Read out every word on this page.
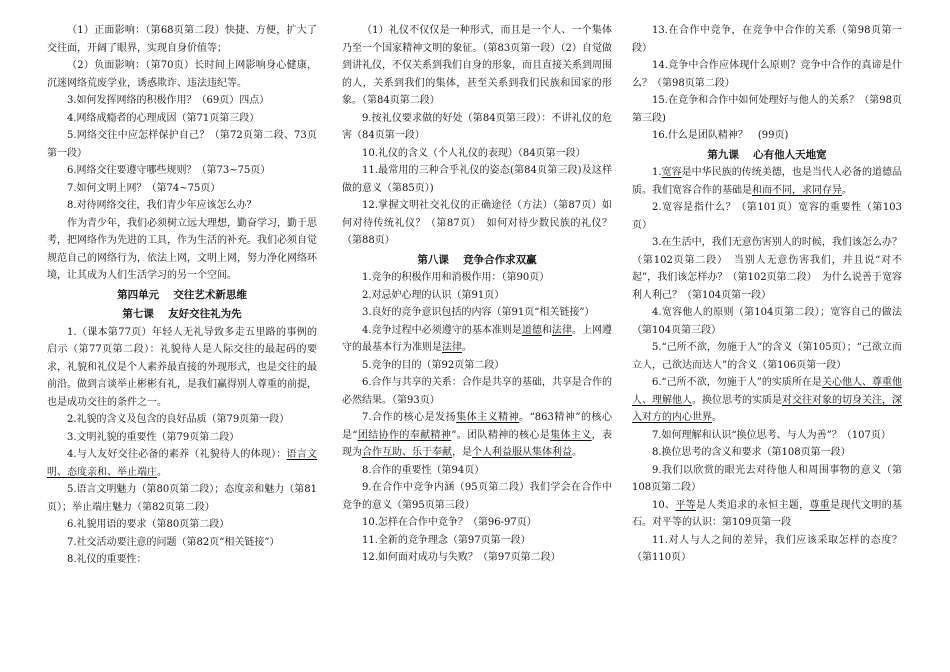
（1）正面影响：（第68页第二段）快捷、方便，扩大了交往面，开阔了眼界，实现自身价值等；

（2）负面影响：（第70页）长时间上网影响身心健康，沉迷网络荒废学业，诱惑欺诈、违法违纪等。

3.如何发挥网络的积极作用？（69页）四点）

4.网络成瘾者的心理成因（第71页第三段）

5.网络交往中应怎样保护自己？（第72页第二段、73页第一段）

6.网络交往要遵守哪些规则？（第73~75页）

7.如何文明上网？（第74~75页）

8.对待网络交往，我们青少年应该怎么办？

作为青少年，我们必须树立远大理想，勤奋学习，勤于思考，把网络作为先进的工具，作为生活的补充。我们必须自觉规范自己的网络行为，依法上网，文明上网，努力净化网络环境，让其成为人们生活学习的另一个空间。

第四单元　 交往艺术新思维

第七课　 友好交往礼为先

1.（课本第77页）年轻人无礼导致多走五里路的事例的启示（第77页第二段）：礼貌待人是人际交往的最起码的要求，礼貌和礼仪是个人素养最直接的外现形式，也是交往的最前沿。做到言谈举止彬彬有礼，是我们赢得别人尊重的前提，也是成功交往的条件之一。

2.礼貌的含义及包含的良好品质（第79页第一段）

3.文明礼貌的重要性（第79页第二段）

4.与人友好交往必备的素养（礼貌待人的体现）：语言文明、态度亲和、举止端庄。

5.语言文明魅力（第80页第二段）；态度亲和魅力（第81页）；举止端庄魅力（第82页第二段）

6.礼貌用语的要求（第80页第二段）

7.社交活动要注意的问题（第82页“相关链接”）

8.礼仪的重要性：

（1）礼仪不仅仅是一种形式，而且是一个人、一个集体乃至一个国家精神文明的象征。（第83页第一段）（2）自觉做到讲礼仪，不仅关系到我们自身的形象，而且直接关系到周围的人，关系到我们的集体，甚至关系到我们民族和国家的形象。（第84页第二段）

9.按礼仪要求做的好处（第84页第三段）：不讲礼仪的危害（84页第一段）

10.礼仪的含义（个人礼仪的表现）（84页第一段）

11.最常用的三种合乎礼仪的姿态(第84页第三段)及这样做的意义（第85页）)

12.掌握文明社交礼仪的正确途径（方法）（第87页）如何对待传统礼仪？（第87页）　如何对待少数民族的礼仪？（第88页）

第八课　 竞争合作求双赢

1.竞争的积极作用和消极作用：（第90页）

2.对忌妒心理的认识（第91页）

3.良好的竞争意识包括的内容（第91页“相关链接”）

4.竞争过程中必须遵守的基本准则是道德和法律。上网遵守的最基本行为准则是法律。

5.竞争的目的（第92页第二段）

6.合作与共享的关系：合作是共享的基础，共享是合作的必然结果。（第93页）

7.合作的核心是发扬集体主义精神。“863精神”的核心是“团结协作的奉献精神”。团队精神的核心是集体主义，表现为合作互助、乐于奉献，是个人利益服从集体利益。

8.合作的重要性（第94页）

9.在合作中竞争内涵（95页第二段）我们学会在合作中竞争的意义（第95页第三段）

10.怎样在合作中竞争？（第96-97页）

11.全新的竞争理念（第97页第一段）

12.如何面对成功与失败？（第97页第二段）

13.在合作中竞争，在竞争中合作的关系（第98页第一段）

14.竞争中合作应体现什么原则？竞争中合作的真谛是什么？（第98页第二段）

15.在竞争和合作中如何处理好与他人的关系？（第98页第三段)

16.什么是团队精神？　(99页)

第九课　 心有他人天地宽

1.宽容是中华民族的传统美德，也是当代人必备的道德品质。我们宽容合作的基础是和而不同，求同存异。

2.宽容是指什么？（第101页）宽容的重要性（第103页）

3.在生活中，我们无意伤害别人的时候，我们该怎么办？（第102页第二段）　当别人无意伤害我们，并且说“对不起”，我们该怎样办？（第102页第二段）　为什么说善于宽容利人利己？（第104页第一段）

4.宽容他人的原则（第104页第二段）；宽容自己的做法（第104页第三段）

5.“己所不欲，勿施于人”的含义（第105页）；“己欲立而立人，己欲达而达人”的含义（第106页第一段）

6.“己所不欲，勿施于人”的实质所在是关心他人、尊重他人、理解他人。换位思考的实质是对交往对象的切身关注，深入对方的内心世界。

7.如何理解和认识“换位思考、与人为善”？（107页）

8.换位思考的含义和要求（第108页第一段）

9.我们以欣赏的眼光去对待他人和周围事物的意义（第108页第二段）

10、平等是人类追求的永恒主题，尊重是现代文明的基石。对平等的认识：第109页第一段

11.对人与人之间的差异，我们应该采取怎样的态度？（第110页）
